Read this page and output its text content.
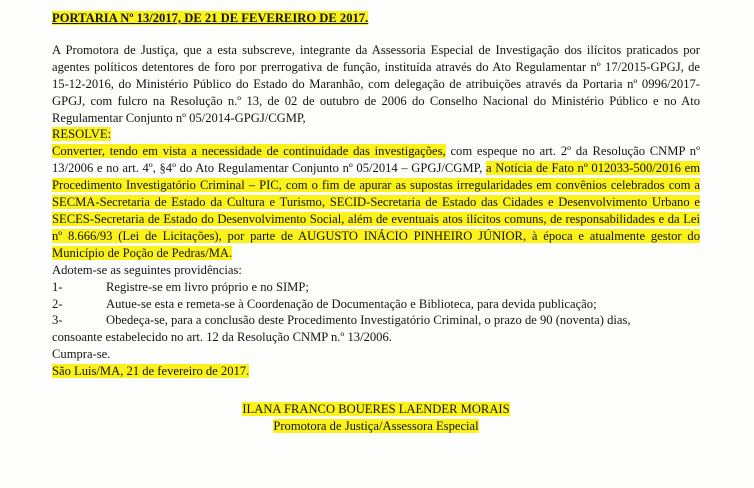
PORTARIA Nº 13/2017, DE 21 DE FEVEREIRO DE 2017.

A Promotora de Justiça, que a esta subscreve, integrante da Assessoria Especial de Investigação dos ilícitos praticados por agentes políticos detentores de foro por prerrogativa de função, instituída através do Ato Regulamentar nº 17/2015-GPGJ, de 15-12-2016, do Ministério Público do Estado do Maranhão, com delegação de atribuições através da Portaria nº 0996/2017-GPGJ, com fulcro na Resolução n.º 13, de 02 de outubro de 2006 do Conselho Nacional do Ministério Público e no Ato Regulamentar Conjunto nº 05/2014-GPGJ/CGMP,

RESOLVE:

Converter, tendo em vista a necessidade de continuidade das investigações, com espeque no art. 2º da Resolução CNMP nº 13/2006 e no art. 4º, §4º do Ato Regulamentar Conjunto nº 05/2014 – GPGJ/CGMP, a Notícia de Fato nº 012033-500/2016 em Procedimento Investigatório Criminal – PIC, com o fim de apurar as supostas irregularidades em convênios celebrados com a SECMA-Secretaria de Estado da Cultura e Turismo, SECID-Secretaria de Estado das Cidades e Desenvolvimento Urbano e SECES-Secretaria de Estado do Desenvolvimento Social, além de eventuais atos ilícitos comuns, de responsabilidades e da Lei nº 8.666/93 (Lei de Licitações), por parte de AUGUSTO INÁCIO PINHEIRO JÚNIOR, à época e atualmente gestor do Município de Poção de Pedras/MA.

Adotem-se as seguintes providências:

1-	Registre-se em livro próprio e no SIMP;
2-	Autue-se esta e remeta-se à Coordenação de Documentação e Biblioteca, para devida publicação;
3-	Obedeça-se, para a conclusão deste Procedimento Investigatório Criminal, o prazo de 90 (noventa) dias,

consoante estabelecido no art. 12 da Resolução CNMP n.º 13/2006.

Cumpra-se.

São Luis/MA, 21 de fevereiro de 2017.

ILANA FRANCO BOUERES LAENDER MORAIS
Promotora de Justiça/Assessora Especial
